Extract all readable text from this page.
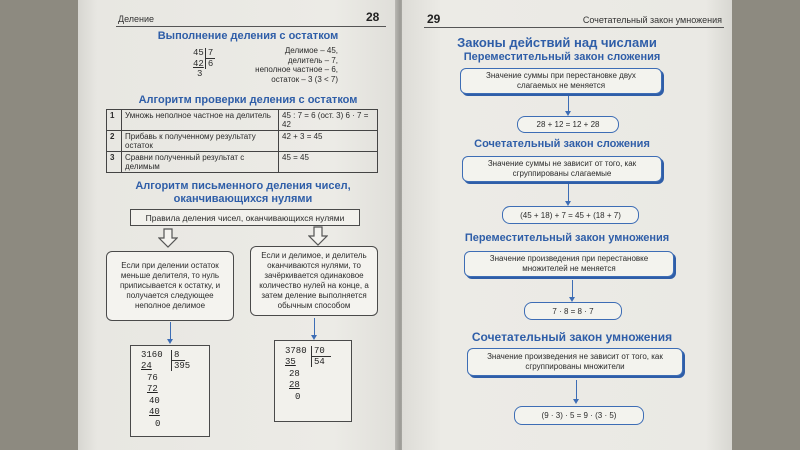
Деление	28
Выполнение деления с остатком
45 7
42 6
3
Делимое – 45,
делитель – 7,
неполное частное – 6,
остаток – 3 (3 < 7)
Алгоритм проверки деления с остатком
1	Умножь неполное частное на делитель	45 : 7 = 6 (ост. 3) 6 · 7 = 42
2	Прибавь к полученному результату остаток	42 + 3 = 45
3	Сравни полученный результат с делимым	45 = 45
Алгоритм письменного деления чисел,
оканчивающихся нулями
Правила деления чисел, оканчивающихся нулями
Если при делении остаток меньше делителя, то нуль приписывается к остатку, и получается следующее неполное делимое
Если и делимое, и делитель оканчиваются нулями, то зачёркивается одинаковое количество нулей на конце, а затем деление выполняется обычным способом
3160	8
395
24
76
72
40
40
0
3780 70
54
35
28
28
0
29	Сочетательный закон умножения
Законы действий над числами
Переместительный закон сложения
Значение суммы при перестановке двух слагаемых не меняется
28 + 12 = 12 + 28
Сочетательный закон сложения
Значение суммы не зависит от того, как сгруппированы слагаемые
(45 + 18) + 7 = 45 + (18 + 7)
Переместительный закон умножения
Значение произведения при перестановке множителей не меняется
7 · 8 = 8 · 7
Сочетательный закон умножения
Значение произведения не зависит от того, как сгруппированы множители
(9 · 3) · 5 = 9 · (3 · 5)
